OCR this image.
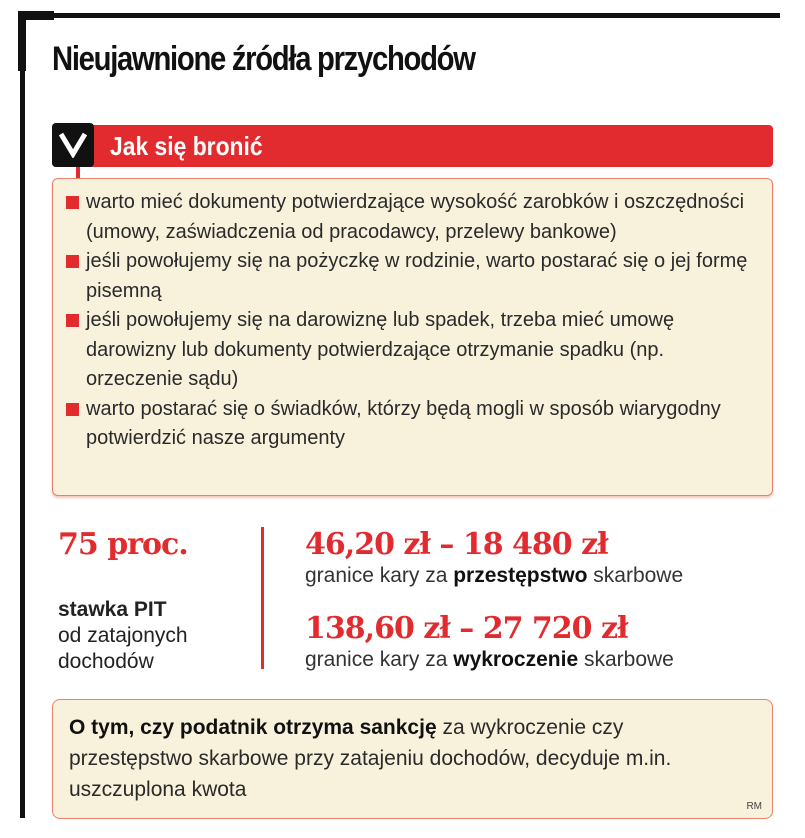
Nieujawnione źródła przychodów
Jak się bronić
warto mieć dokumenty potwierdzające wysokość zarobków i oszczędności (umowy, zaświadczenia od pracodawcy, przelewy bankowe)
jeśli powołujemy się na pożyczkę w rodzinie, warto postarać się o jej formę pisemną
jeśli powołujemy się na darowiznę lub spadek, trzeba mieć umowę darowizny lub dokumenty potwierdzające otrzymanie spadku (np. orzeczenie sądu)
warto postarać się o świadków, którzy będą mogli w sposób wiarygodny potwierdzić nasze argumenty
75 proc.
stawka PIT
od zatajonych dochodów
46,20 zł – 18 480 zł
granice kary za przestępstwo skarbowe
138,60 zł – 27 720 zł
granice kary za wykroczenie skarbowe
O tym, czy podatnik otrzyma sankcję za wykroczenie czy przestępstwo skarbowe przy zatajeniu dochodów, decyduje m.in. uszczuplona kwota
RM
